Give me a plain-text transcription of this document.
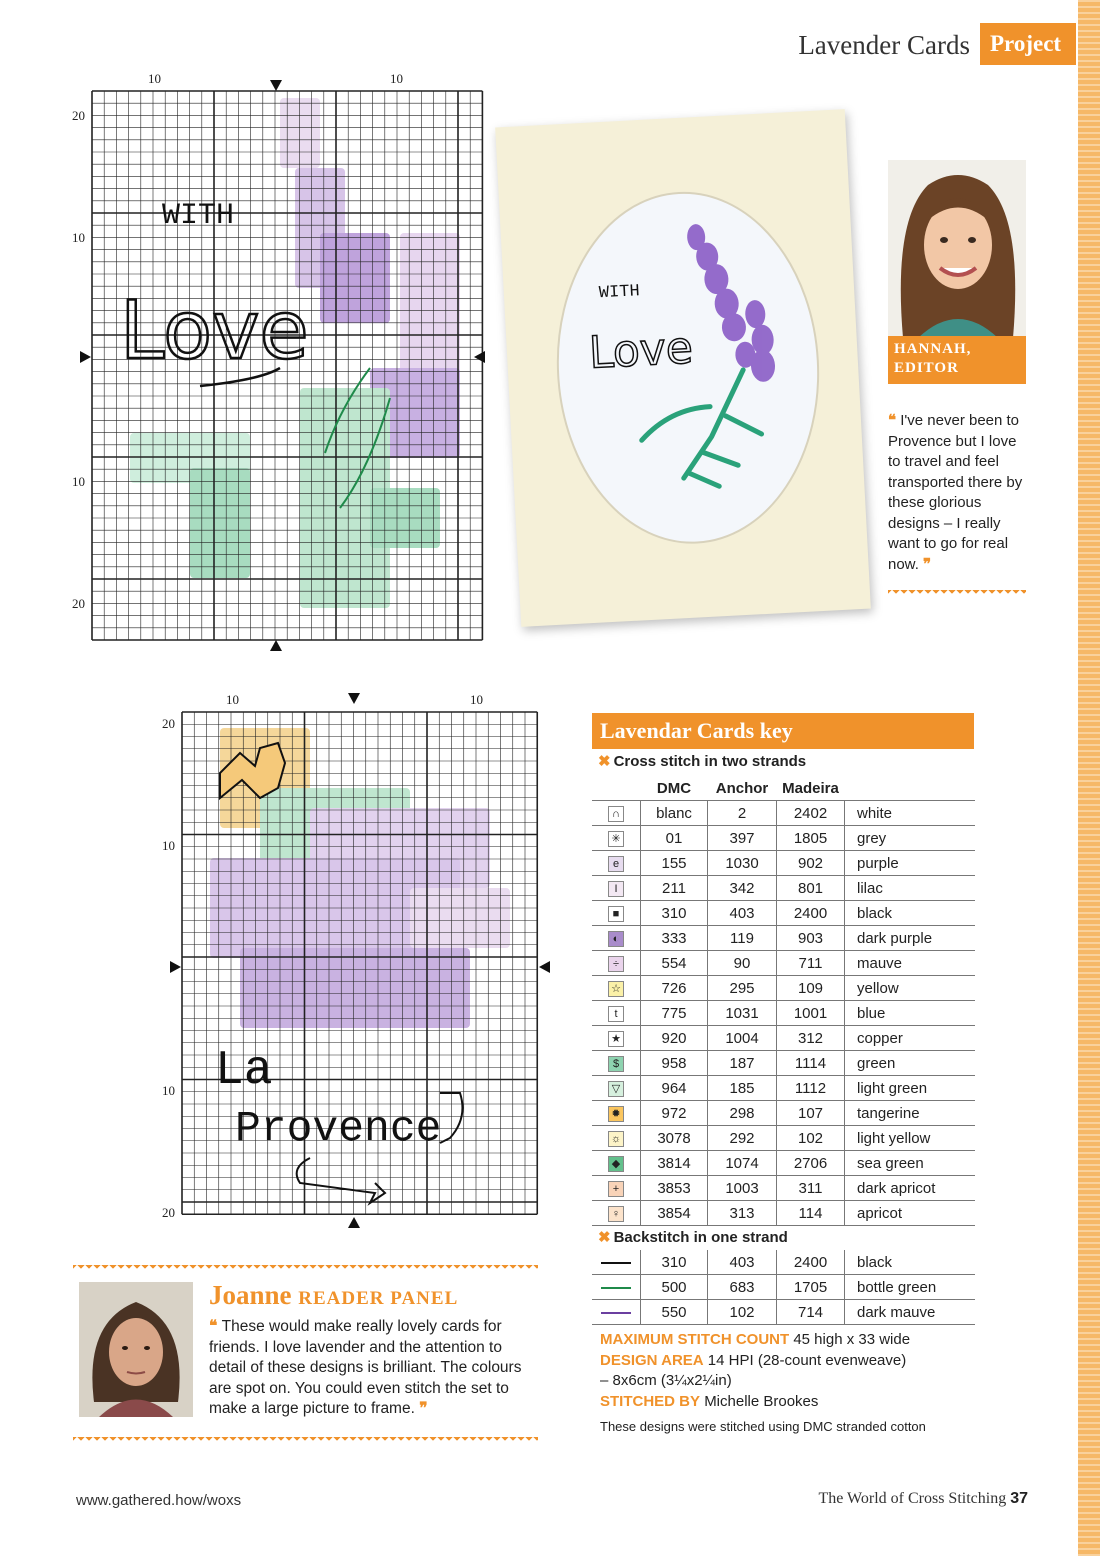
Lavender Cards Project
10	10
20
10
10
20
WITH
Love	WITH
Love	HANNAH,
EDITOR
❝ I've never been to Provence but I love to travel and feel transported there by these glorious designs – I really want to go for real now. ❞
10	10
20
10
10
20
La
Provence
Lavendar Cards key
✖ Cross stitch in two strands
	DMC	Anchor	Madeira	
∩	blanc	2	2402	white
✳	01	397	1805	grey
e	155	1030	902	purple
I	211	342	801	lilac
■	310	403	2400	black
◐	333	119	903	dark purple
÷	554	90	711	mauve
☆	726	295	109	yellow
t	775	1031	1001	blue
★	920	1004	312	copper
$	958	187	1114	green
▽	964	185	1112	light green
✹	972	298	107	tangerine
☼	3078	292	102	light yellow
◆	3814	1074	2706	sea green
+	3853	1003	311	dark apricot
♀	3854	313	114	apricot
✖ Backstitch in one strand
	310	403	2400	black
	500	683	1705	bottle green
	550	102	714	dark mauve
MAXIMUM STITCH COUNT 45 high x 33 wide
DESIGN AREA 14 HPI (28-count evenweave)
– 8x6cm (3¼x2¼in)
STITCHED BY Michelle Brookes
These designs were stitched using DMC stranded cotton
Joanne READER PANEL
❝ These would make really lovely cards for friends. I love lavender and the attention to detail of these designs is brilliant. The colours are spot on. You could even stitch the set to make a large picture to frame. ❞
www.gathered.how/woxs	The World of Cross Stitching 37
